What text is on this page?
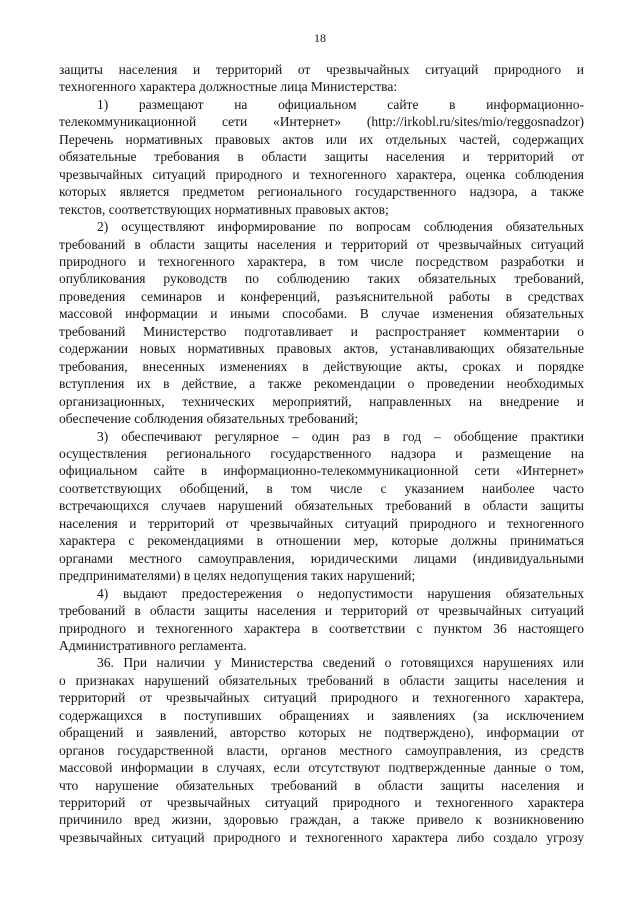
18
защиты населения и территорий от чрезвычайных ситуаций природного и
техногенного характера должностные лица Министерства:
1) размещают на официальном сайте в информационно-
телекоммуникационной сети «Интернет» (http://irkobl.ru/sites/mio/reggosnadzor)
Перечень нормативных правовых актов или их отдельных частей, содержащих
обязательные требования в области защиты населения и территорий от
чрезвычайных ситуаций природного и техногенного характера, оценка соблюдения
которых является предметом регионального государственного надзора, а также
текстов, соответствующих нормативных правовых актов;
2) осуществляют информирование по вопросам соблюдения обязательных
требований в области защиты населения и территорий от чрезвычайных ситуаций
природного и техногенного характера, в том числе посредством разработки и
опубликования руководств по соблюдению таких обязательных требований,
проведения семинаров и конференций, разъяснительной работы в средствах
массовой информации и иными способами. В случае изменения обязательных
требований Министерство подготавливает и распространяет комментарии о
содержании новых нормативных правовых актов, устанавливающих обязательные
требования, внесенных изменениях в действующие акты, сроках и порядке
вступления их в действие, а также рекомендации о проведении необходимых
организационных, технических мероприятий, направленных на внедрение и
обеспечение соблюдения обязательных требований;
3) обеспечивают регулярное – один раз в год – обобщение практики
осуществления регионального государственного надзора и размещение на
официальном сайте в информационно-телекоммуникационной сети «Интернет»
соответствующих обобщений, в том числе с указанием наиболее часто
встречающихся случаев нарушений обязательных требований в области защиты
населения и территорий от чрезвычайных ситуаций природного и техногенного
характера с рекомендациями в отношении мер, которые должны приниматься
органами местного самоуправления, юридическими лицами (индивидуальными
предпринимателями) в целях недопущения таких нарушений;
4) выдают предостережения о недопустимости нарушения обязательных
требований в области защиты населения и территорий от чрезвычайных ситуаций
природного и техногенного характера в соответствии с пунктом 36 настоящего
Административного регламента.
36. При наличии у Министерства сведений о готовящихся нарушениях или
о признаках нарушений обязательных требований в области защиты населения и
территорий от чрезвычайных ситуаций природного и техногенного характера,
содержащихся в поступивших обращениях и заявлениях (за исключением
обращений и заявлений, авторство которых не подтверждено), информации от
органов государственной власти, органов местного самоуправления, из средств
массовой информации в случаях, если отсутствуют подтвержденные данные о том,
что нарушение обязательных требований в области защиты населения и
территорий от чрезвычайных ситуаций природного и техногенного характера
причинило вред жизни, здоровью граждан, а также привело к возникновению
чрезвычайных ситуаций природного и техногенного характера либо создало угрозу
